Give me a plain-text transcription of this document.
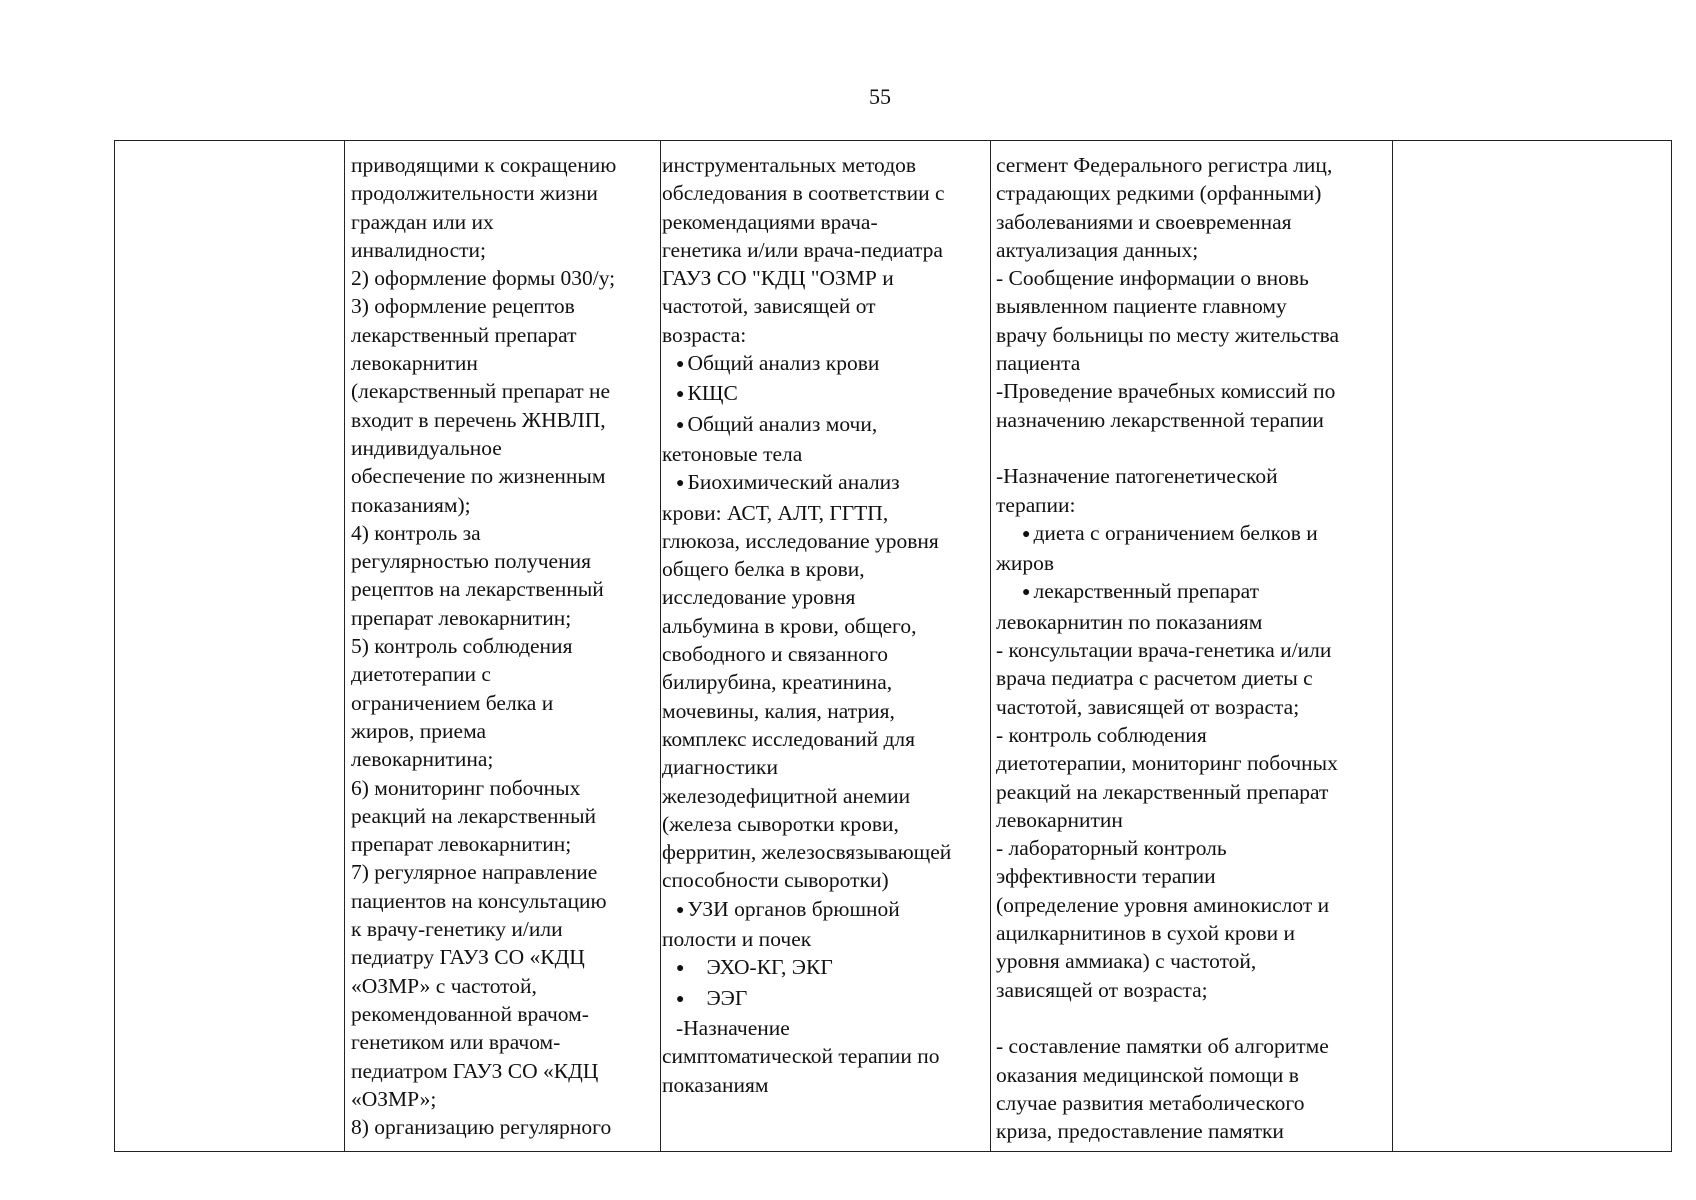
55
приводящими к сокращению
продолжительности жизни
граждан или их
инвалидности;
2) оформление формы 030/у;
3) оформление рецептов
лекарственный препарат
левокарнитин
(лекарственный препарат не
входит в перечень ЖНВЛП,
индивидуальное
обеспечение по жизненным
показаниям);
4) контроль за
регулярностью получения
рецептов на лекарственный
препарат левокарнитин;
5) контроль соблюдения
диетотерапии с
ограничением белка и
жиров, приема
левокарнитина;
6) мониторинг побочных
реакций на лекарственный
препарат левокарнитин;
7) регулярное направление
пациентов на консультацию
к врачу-генетику и/или
педиатру ГАУЗ СО «КДЦ
«ОЗМР» с частотой,
рекомендованной врачом-
генетиком или врачом-
педиатром ГАУЗ СО «КДЦ
«ОЗМР»;
8) организацию регулярного
инструментальных методов
обследования в соответствии с
рекомендациями врача-
генетика и/или врача-педиатра
ГАУЗ СО "КДЦ "ОЗМР и
частотой, зависящей от
возраста:
● Общий анализ крови
● КЩС
● Общий анализ мочи,
кетоновые тела
● Биохимический анализ
крови: АСТ, АЛТ, ГГТП,
глюкоза, исследование уровня
общего белка в крови,
исследование уровня
альбумина в крови, общего,
свободного и связанного
билирубина, креатинина,
мочевины, калия, натрия,
комплекс исследований для
диагностики
железодефицитной анемии
(железа сыворотки крови,
ферритин, железосвязывающей
способности сыворотки)
● УЗИ органов брюшной
полости и почек
● ЭХО-КГ, ЭКГ
● ЭЭГ
-Назначение
симптоматической терапии по
показаниям
сегмент Федерального регистра лиц,
страдающих редкими (орфанными)
заболеваниями и своевременная
актуализация данных;
- Сообщение информации о вновь
выявленном пациенте главному
врачу больницы по месту жительства
пациента
-Проведение врачебных комиссий по
назначению лекарственной терапии
-Назначение патогенетической
терапии:
● диета с ограничением белков и
жиров
● лекарственный препарат
левокарнитин по показаниям
- консультации врача-генетика и/или
врача педиатра с расчетом диеты с
частотой, зависящей от возраста;
- контроль соблюдения
диетотерапии, мониторинг побочных
реакций на лекарственный препарат
левокарнитин
- лабораторный контроль
эффективности терапии
(определение уровня аминокислот и
ацилкарнитинов в сухой крови и
уровня аммиака) с частотой,
зависящей от возраста;
- составление памятки об алгоритме
оказания медицинской помощи в
случае развития метаболического
криза, предоставление памятки
